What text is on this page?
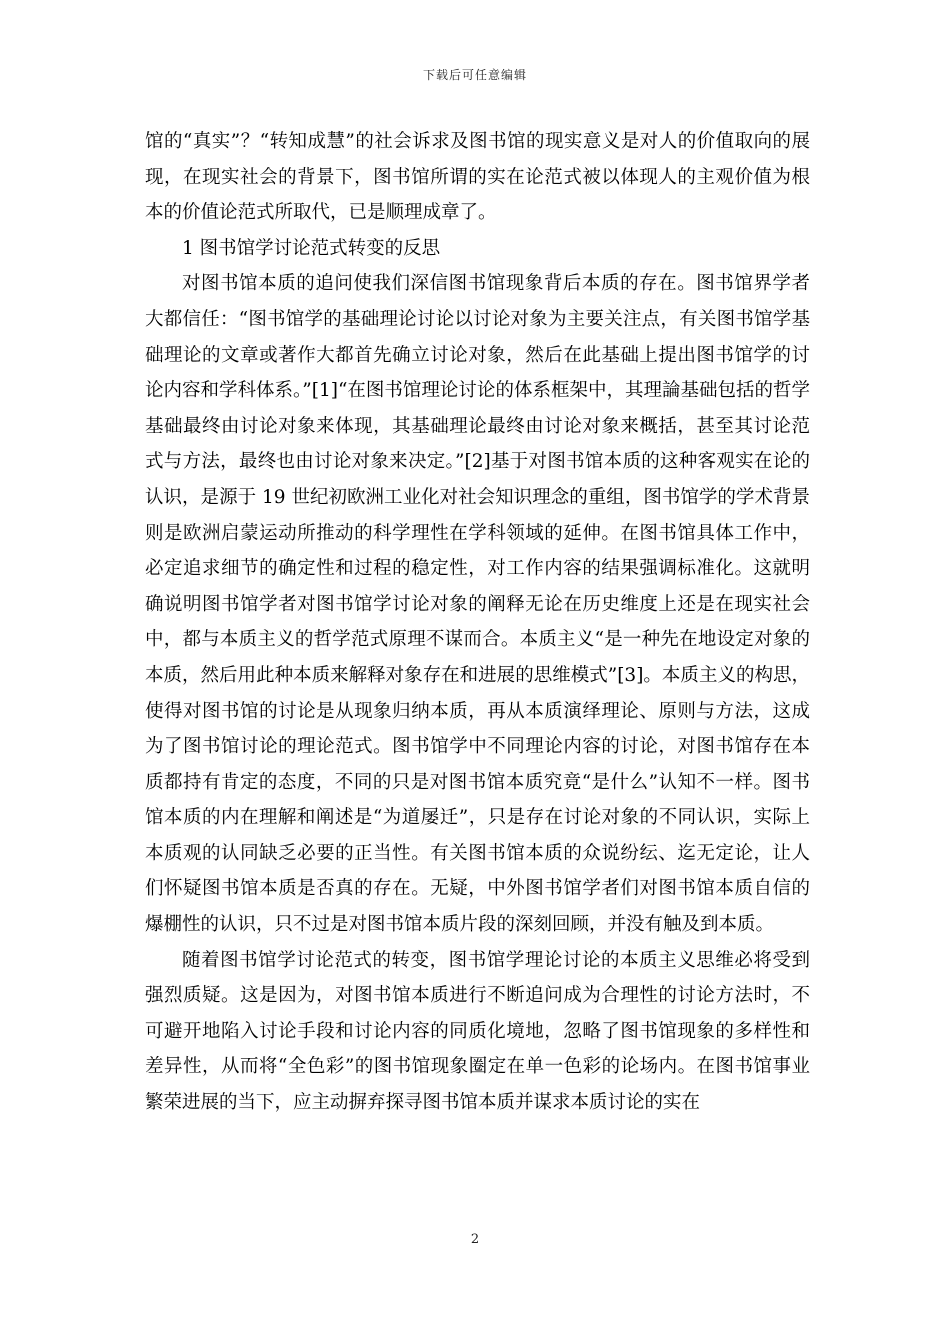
下载后可任意编辑

馆的“真实”？“转知成慧”的社会诉求及图书馆的现实意义是对人的价值取向的展现，在现实社会的背景下，图书馆所谓的实在论范式被以体现人的主观价值为根本的价值论范式所取代，已是顺理成章了。

1 图书馆学讨论范式转变的反思

对图书馆本质的追问使我们深信图书馆现象背后本质的存在。图书馆界学者大都信任：“图书馆学的基础理论讨论以讨论对象为主要关注点，有关图书馆学基础理论的文章或著作大都首先确立讨论对象，然后在此基础上提出图书馆学的讨论内容和学科体系。”[1]“在图书馆理论讨论的体系框架中，其理論基础包括的哲学基础最终由讨论对象来体现，其基础理论最终由讨论对象来概括，甚至其讨论范式与方法，最终也由讨论对象来决定。”[2]基于对图书馆本质的这种客观实在论的认识，是源于 19 世纪初欧洲工业化对社会知识理念的重组，图书馆学的学术背景则是欧洲启蒙运动所推动的科学理性在学科领域的延伸。在图书馆具体工作中，必定追求细节的确定性和过程的稳定性，对工作内容的结果强调标准化。这就明确说明图书馆学者对图书馆学讨论对象的阐释无论在历史维度上还是在现实社会中，都与本质主义的哲学范式原理不谋而合。本质主义“是一种先在地设定对象的本质，然后用此种本质来解释对象存在和进展的思维模式”[3]。本质主义的构思，使得对图书馆的讨论是从现象归纳本质，再从本质演绎理论、原则与方法，这成为了图书馆讨论的理论范式。图书馆学中不同理论内容的讨论，对图书馆存在本质都持有肯定的态度，不同的只是对图书馆本质究竟“是什么”认知不一样。图书馆本质的内在理解和阐述是“为道屡迁”，只是存在讨论对象的不同认识，实际上本质观的认同缺乏必要的正当性。有关图书馆本质的众说纷纭、迄无定论，让人们怀疑图书馆本质是否真的存在。无疑，中外图书馆学者们对图书馆本质自信的爆棚性的认识，只不过是对图书馆本质片段的深刻回顾，并没有触及到本质。

随着图书馆学讨论范式的转变，图书馆学理论讨论的本质主义思维必将受到强烈质疑。这是因为，对图书馆本质进行不断追问成为合理性的讨论方法时，不可避开地陷入讨论手段和讨论内容的同质化境地，忽略了图书馆现象的多样性和差异性，从而将“全色彩”的图书馆现象圈定在单一色彩的论场内。在图书馆事业繁荣进展的当下，应主动摒弃探寻图书馆本质并谋求本质讨论的实在

2
